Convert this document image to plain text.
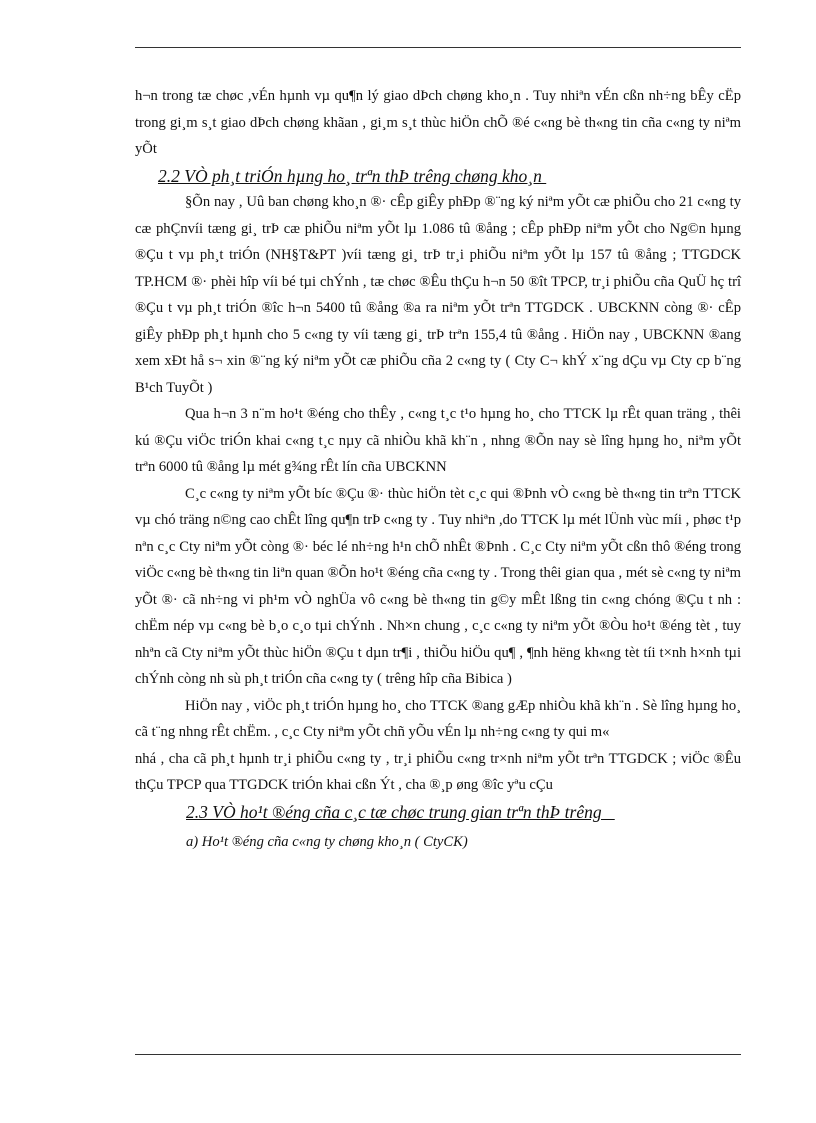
h¬n trong tæ chøc ,vÉn hµnh vµ qu¶n lý giao dÞch chøng kho¸n . Tuy nhiªn vÉn cßn nh÷ng bÊy cËp trong gi¸m s¸t giao dÞch chøng khãan , gi¸m s¸t thùc hiÖn chÕ ®é c«ng bè th«ng tin cña c«ng ty niªm yÕt

2.2 VÒ ph¸t triÓn hµng ho¸ trªn thÞ trêng chøng kho¸n

§Õn nay , Uû ban chøng kho¸n ®· cÊp giÊy phÐp ®¨ng ký niªm yÕt cæ phiÕu cho 21 c«ng ty cæ phÇnvíi tæng gi¸ trÞ cæ phiÕu niªm yÕt lµ 1.086 tû ®ång ; cÊp phÐp niªm yÕt cho Ng©n hµng ®Çu t vµ ph¸t triÓn (NH§T&PT )víi tæng gi¸ trÞ tr¸i phiÕu niªm yÕt lµ 157 tû ®ång ; TTGDCK TP.HCM ®· phèi hîp víi bé tµi chÝnh , tæ chøc ®Êu thÇu h¬n 50 ®ît TPCP, tr¸i phiÕu cña QuÜ hç trî ®Çu t vµ ph¸t triÓn ®îc h¬n 5400 tû ®ång ®a ra niªm yÕt trªn TTGDCK . UBCKNN còng ®· cÊp giÊy phÐp ph¸t hµnh cho 5 c«ng ty víi tæng gi¸ trÞ trªn 155,4 tû ®ång . HiÖn nay , UBCKNN ®ang xem xÐt hå s¬ xin ®¨ng ký niªm yÕt cæ phiÕu cña 2 c«ng ty ( Cty C¬ khÝ x¨ng dÇu vµ Cty cp b¨ng B¹ch TuyÕt )

Qua h¬n 3 n¨m ho¹t ®éng cho thÊy , c«ng t¸c t¹o hµng ho¸ cho TTCK lµ rÊt quan träng , thêi kú ®Çu viÖc triÓn khai c«ng t¸c nµy cã nhiÒu khã kh¨n , nhng ®Õn nay sè lîng hµng ho¸ niªm yÕt trªn 6000 tû ®ång lµ mét g¾ng rÊt lín cña UBCKNN

C¸c c«ng ty niªm yÕt bíc ®Çu ®· thùc hiÖn tèt c¸c qui ®Þnh vÒ c«ng bè th«ng tin trªn TTCK vµ chó träng n©ng cao chÊt lîng qu¶n trÞ c«ng ty . Tuy nhiªn ,do TTCK lµ mét lÜnh vùc míi , phøc t¹p nªn c¸c Cty niªm yÕt còng ®· béc lé nh÷ng h¹n chÕ nhÊt ®Þnh . C¸c Cty niªm yÕt cßn thô ®éng trong viÖc c«ng bè th«ng tin liªn quan ®Õn ho¹t ®éng cña c«ng ty . Trong thêi gian qua , mét sè c«ng ty niªm yÕt ®· cã nh÷ng vi ph¹m vÒ nghÜa vô c«ng bè th«ng tin g©y mÊt lßng tin c«ng chóng ®Çu t nh : chËm nép vµ c«ng bè b¸o c¸o tµi chÝnh . Nh×n chung , c¸c c«ng ty niªm yÕt ®Òu ho¹t ®éng tèt , tuy nhªn cã Cty niªm yÕt thùc hiÖn ®Çu t dµn tr¶i , thiÕu hiÖu qu¶ , ¶nh hëng kh«ng tèt tíi t×nh h×nh tµi chÝnh còng nh sù ph¸t triÓn cña c«ng ty ( trêng hîp cña Bibica )

HiÖn nay , viÖc ph¸t triÓn hµng ho¸ cho TTCK ®ang gÆp nhiÒu khã kh¨n . Sè lîng hµng ho¸ cã t¨ng nhng rÊt chËm. , c¸c Cty niªm yÕt chñ yÕu vÉn lµ nh÷ng c«ng ty qui m«

nhá , cha cã ph¸t hµnh tr¸i phiÕu c«ng ty , tr¸i phiÕu c«ng tr×nh niªm yÕt trªn TTGDCK ; viÖc ®Êu thÇu TPCP qua TTGDCK triÓn khai cßn Ýt , cha ®¸p øng ®îc yªu cÇu

2.3 VÒ ho¹t ®éng cña c¸c tæ chøc trung gian trªn thÞ trêng

a) Ho¹t ®éng cña c«ng ty chøng kho¸n ( CtyCK)
